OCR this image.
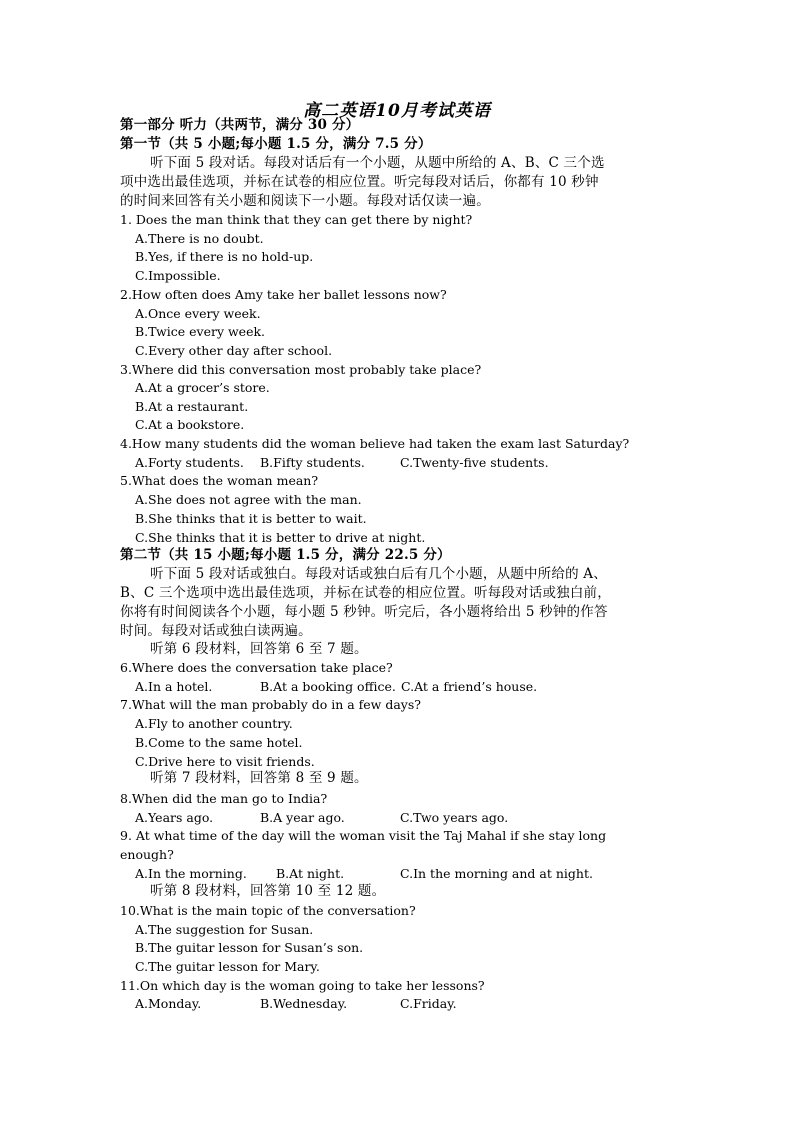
高二英语10月考试英语
第一部分 听力（共两节，满分 30 分）
第一节（共 5 小题;每小题 1.5 分，满分 7.5 分）
听下面 5 段对话。每段对话后有一个小题，从题中所给的 A、B、C 三个选
项中选出最佳选项，并标在试卷的相应位置。听完每段对话后，你都有 10 秒钟
的时间来回答有关小题和阅读下一小题。每段对话仅读一遍。
1. Does the man think that they can get there by night?
A.There is no doubt.
B.Yes, if there is no hold-up.
C.Impossible.
2.How often does Amy take her ballet lessons now?
A.Once every week.
B.Twice every week.
C.Every other day after school.
3.Where did this conversation most probably take place?
A.At a grocer’s store.
B.At a restaurant.
C.At a bookstore.
4.How many students did the woman believe had taken the exam last Saturday?
A.Forty students. B.Fifty students.	C.Twenty-five students.
5.What does the woman mean?
A.She does not agree with the man.
B.She thinks that it is better to wait.
C.She thinks that it is better to drive at night.
第二节（共 15 小题;每小题 1.5 分，满分 22.5 分）
听下面 5 段对话或独白。每段对话或独白后有几个小题，从题中所给的 A、
B、C 三个选项中选出最佳选项，并标在试卷的相应位置。听每段对话或独白前，
你将有时间阅读各个小题，每小题 5 秒钟。听完后，各小题将给出 5 秒钟的作答
时间。每段对话或独白读两遍。
听第 6 段材料，回答第 6 至 7 题。
6.Where does the conversation take place?
A.In a hotel.	B.At a booking office. C.At a friend’s house.
7.What will the man probably do in a few days?
A.Fly to another country.
B.Come to the same hotel.
C.Drive here to visit friends.
听第 7 段材料，回答第 8 至 9 题。
8.When did the man go to India?
A.Years ago.	B.A year ago.	C.Two years ago.
9. At what time of the day will the woman visit the Taj Mahal if she stay long
enough?
A.In the morning. B.At night.	C.In the morning and at night.
听第 8 段材料，回答第 10 至 12 题。
10.What is the main topic of the conversation?
A.The suggestion for Susan.
B.The guitar lesson for Susan’s son.
C.The guitar lesson for Mary.
11.On which day is the woman going to take her lessons?
A.Monday.	B.Wednesday.	C.Friday.
